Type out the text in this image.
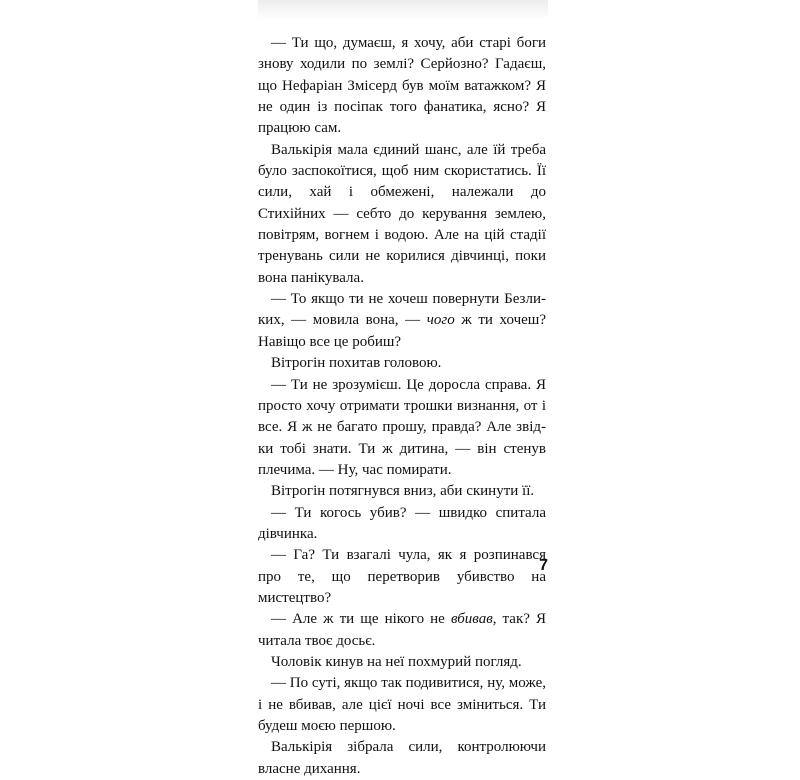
— Ти що, думаєш, я хочу, аби старі боги знову ходили по землі? Серйозно? Гадаєш, що Нефаріан Змісерд був моїм ватажком? Я не один із посіпак того фанатика, ясно? Я працюю сам.

Валькірія мала єдиний шанс, але їй треба було заспокоїтися, щоб ним скористатись. Її сили, хай і обмежені, належали до Стихійних — себто до керування землею, повітрям, вогнем і водою. Але на цій стадії тренувань сили не корилися дівчинці, поки вона панікувала.

— То якщо ти не хочеш повернути Безликих, — мовила вона, — чого ж ти хочеш? Навіщо все це робиш?

Вітрогін похитав головою.

— Ти не зрозумієш. Це доросла справа. Я просто хочу отримати трошки визнання, от і все. Я ж не багато прошу, правда? Але звідки тобі знати. Ти ж дитина, — він стенув плечима. — Ну, час помирати.

Вітрогін потягнувся вниз, аби скинути її.

— Ти когось убив? — швидко спитала дівчинка.

— Га? Ти взагалі чула, як я розпинався про те, що перетворив убивство на мистецтво?

— Але ж ти ще нікого не вбивав, так? Я читала твоє досьє.

Чоловік кинув на неї похмурий погляд.

— По суті, якщо так подивитися, ну, може, і не вбивав, але цієї ночі все зміниться. Ти будеш моєю першою.

Валькірія зібрала сили, контролюючи власне дихання.

7
